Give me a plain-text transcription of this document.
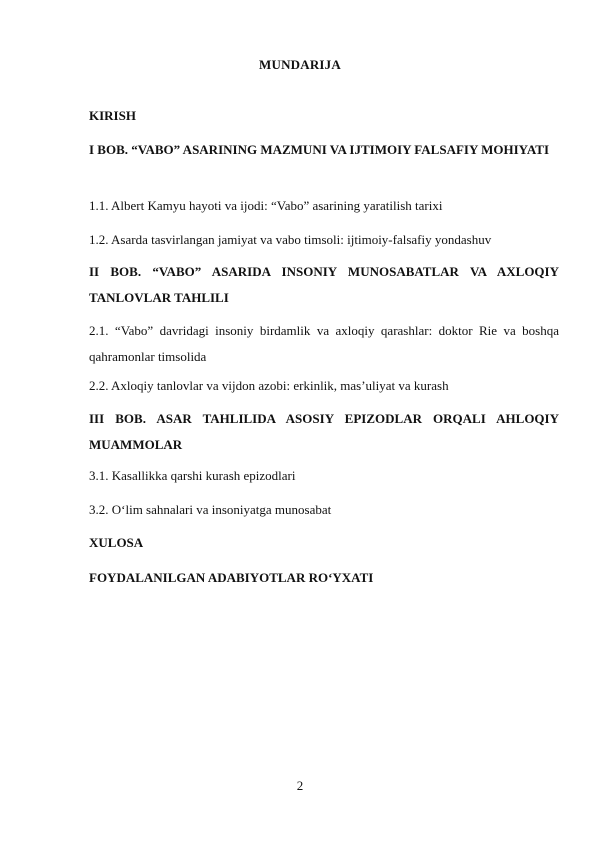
MUNDARIJA
KIRISH
I BOB. “VABO” ASARINING MAZMUNI VA IJTIMOIY FALSAFIY MOHIYATI
1.1. Albert Kamyu hayoti va ijodi: “Vabo” asarining yaratilish tarixi
1.2. Asarda tasvirlangan jamiyat va vabo timsoli: ijtimoiy-falsafiy yondashuv
II BOB. “VABO” ASARIDA INSONIY MUNOSABATLAR VA AXLOQIY TANLOVLAR TAHLILI
2.1. “Vabo” davridagi insoniy birdamlik va axloqiy qarashlar: doktor Rie va boshqa qahramonlar timsolida
2.2. Axloqiy tanlovlar va vijdon azobi: erkinlik, mas’uliyat va kurash
III BOB. ASAR TAHLILIDA ASOSIY EPIZODLAR ORQALI AHLOQIY MUAMMOLAR
3.1. Kasallikka qarshi kurash epizodlari
3.2. O‘lim sahnalari va insoniyatga munosabat
XULOSA
FOYDALANILGAN ADABIYOTLAR RO‘YXATI
2
